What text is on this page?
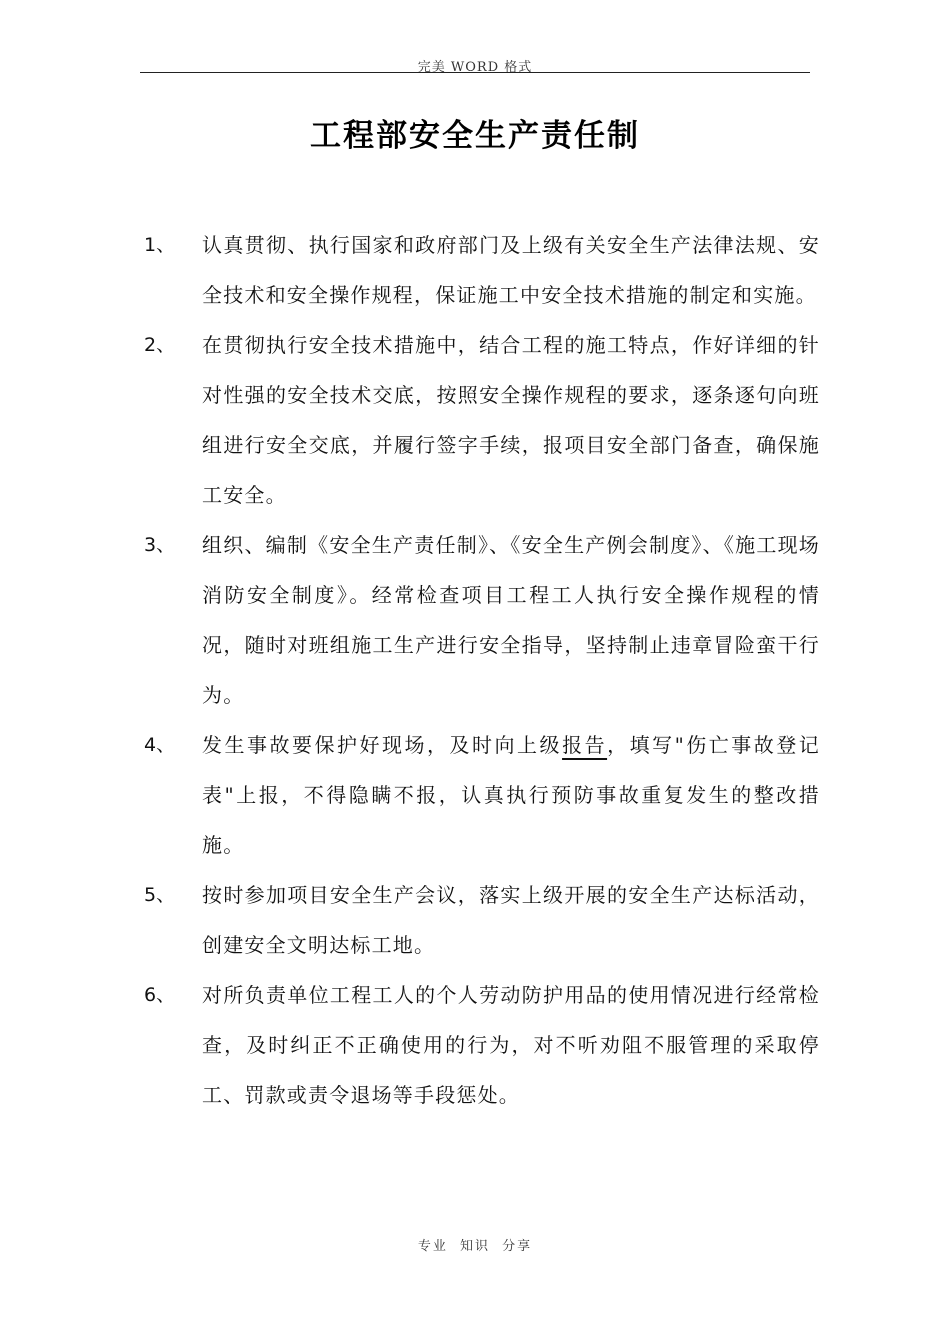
完美 WORD 格式
工程部安全生产责任制
1、 认真贯彻、执行国家和政府部门及上级有关安全生产法律法规、安全技术和安全操作规程，保证施工中安全技术措施的制定和实施。

2、 在贯彻执行安全技术措施中，结合工程的施工特点，作好详细的针对性强的安全技术交底，按照安全操作规程的要求，逐条逐句向班组进行安全交底，并履行签字手续，报项目安全部门备查，确保施工安全。

3、 组织、编制《安全生产责任制》、《安全生产例会制度》、《施工现场消防安全制度》。经常检查项目工程工人执行安全操作规程的情况，随时对班组施工生产进行安全指导，坚持制止违章冒险蛮干行为。

4、 发生事故要保护好现场，及时向上级报告，填写"伤亡事故登记表"上报，不得隐瞒不报，认真执行预防事故重复发生的整改措施。

5、 按时参加项目安全生产会议，落实上级开展的安全生产达标活动，创建安全文明达标工地。

6、 对所负责单位工程工人的个人劳动防护用品的使用情况进行经常检查，及时纠正不正确使用的行为，对不听劝阻不服管理的采取停工、罚款或责令退场等手段惩处。

专业 知识 分享
